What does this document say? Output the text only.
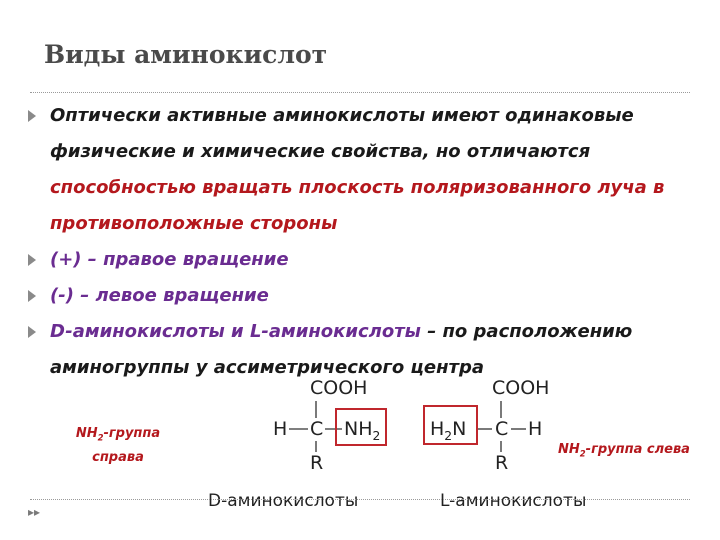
Виды аминокислот
Оптически активные аминокислоты имеют одинаковые физические и химические свойства, но отличаются способностью вращать плоскость поляризованного луча в противоположные стороны
(+) – правое вращение
(-) – левое вращение
D-аминокислоты и L-аминокислоты – по расположению аминогруппы у ассиметрического центра
$NH_2$-группа
справа
$NH_2$-группа слева
COOH
H C $NH_2$
R
D-аминокислоты
COOH
$H_2N$ C H
R
L-аминокислоты
▸▸
